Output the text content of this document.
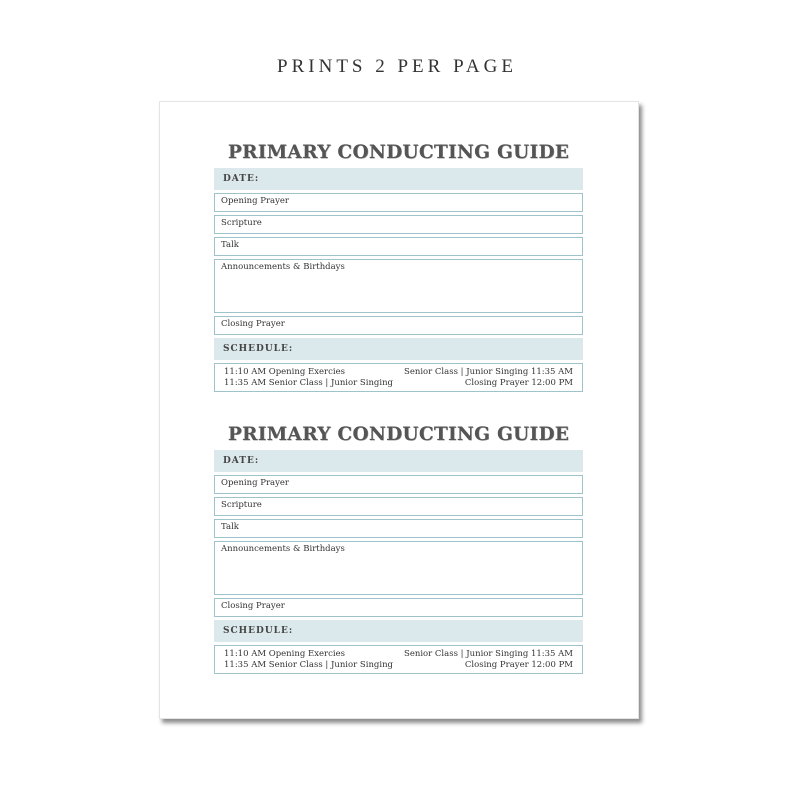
PRINTS 2 PER PAGE
PRIMARY CONDUCTING GUIDE
DATE:
Opening Prayer
Scripture
Talk
Announcements & Birthdays
Closing Prayer
SCHEDULE:
11:10 AM Opening Exercies	Senior Class | Junior Singing 11:35 AM
11:35 AM Senior Class | Junior Singing	Closing Prayer 12:00 PM
PRIMARY CONDUCTING GUIDE
DATE:
Opening Prayer
Scripture
Talk
Announcements & Birthdays
Closing Prayer
SCHEDULE:
11:10 AM Opening Exercies	Senior Class | Junior Singing 11:35 AM
11:35 AM Senior Class | Junior Singing	Closing Prayer 12:00 PM
